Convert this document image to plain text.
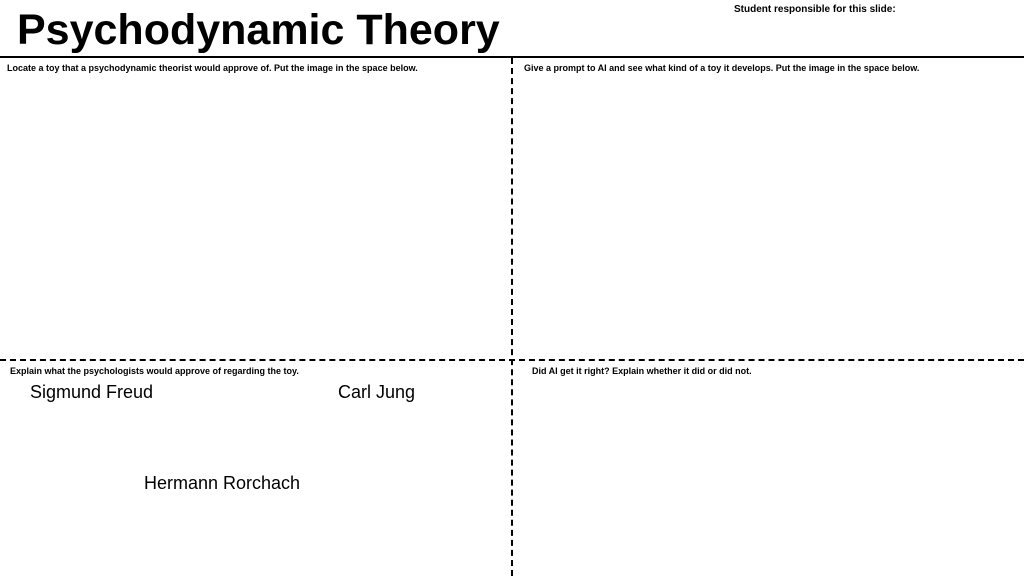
Psychodynamic Theory	Student responsible for this slide:
Locate a toy that a psychodynamic theorist would approve of. Put the image in the space below.	Give a prompt to AI and see what kind of a toy it develops. Put the image in the space below.
Explain what the psychologists would approve of regarding the toy.	Did AI get it right? Explain whether it did or did not.
Sigmund Freud	Carl Jung
Hermann Rorchach
